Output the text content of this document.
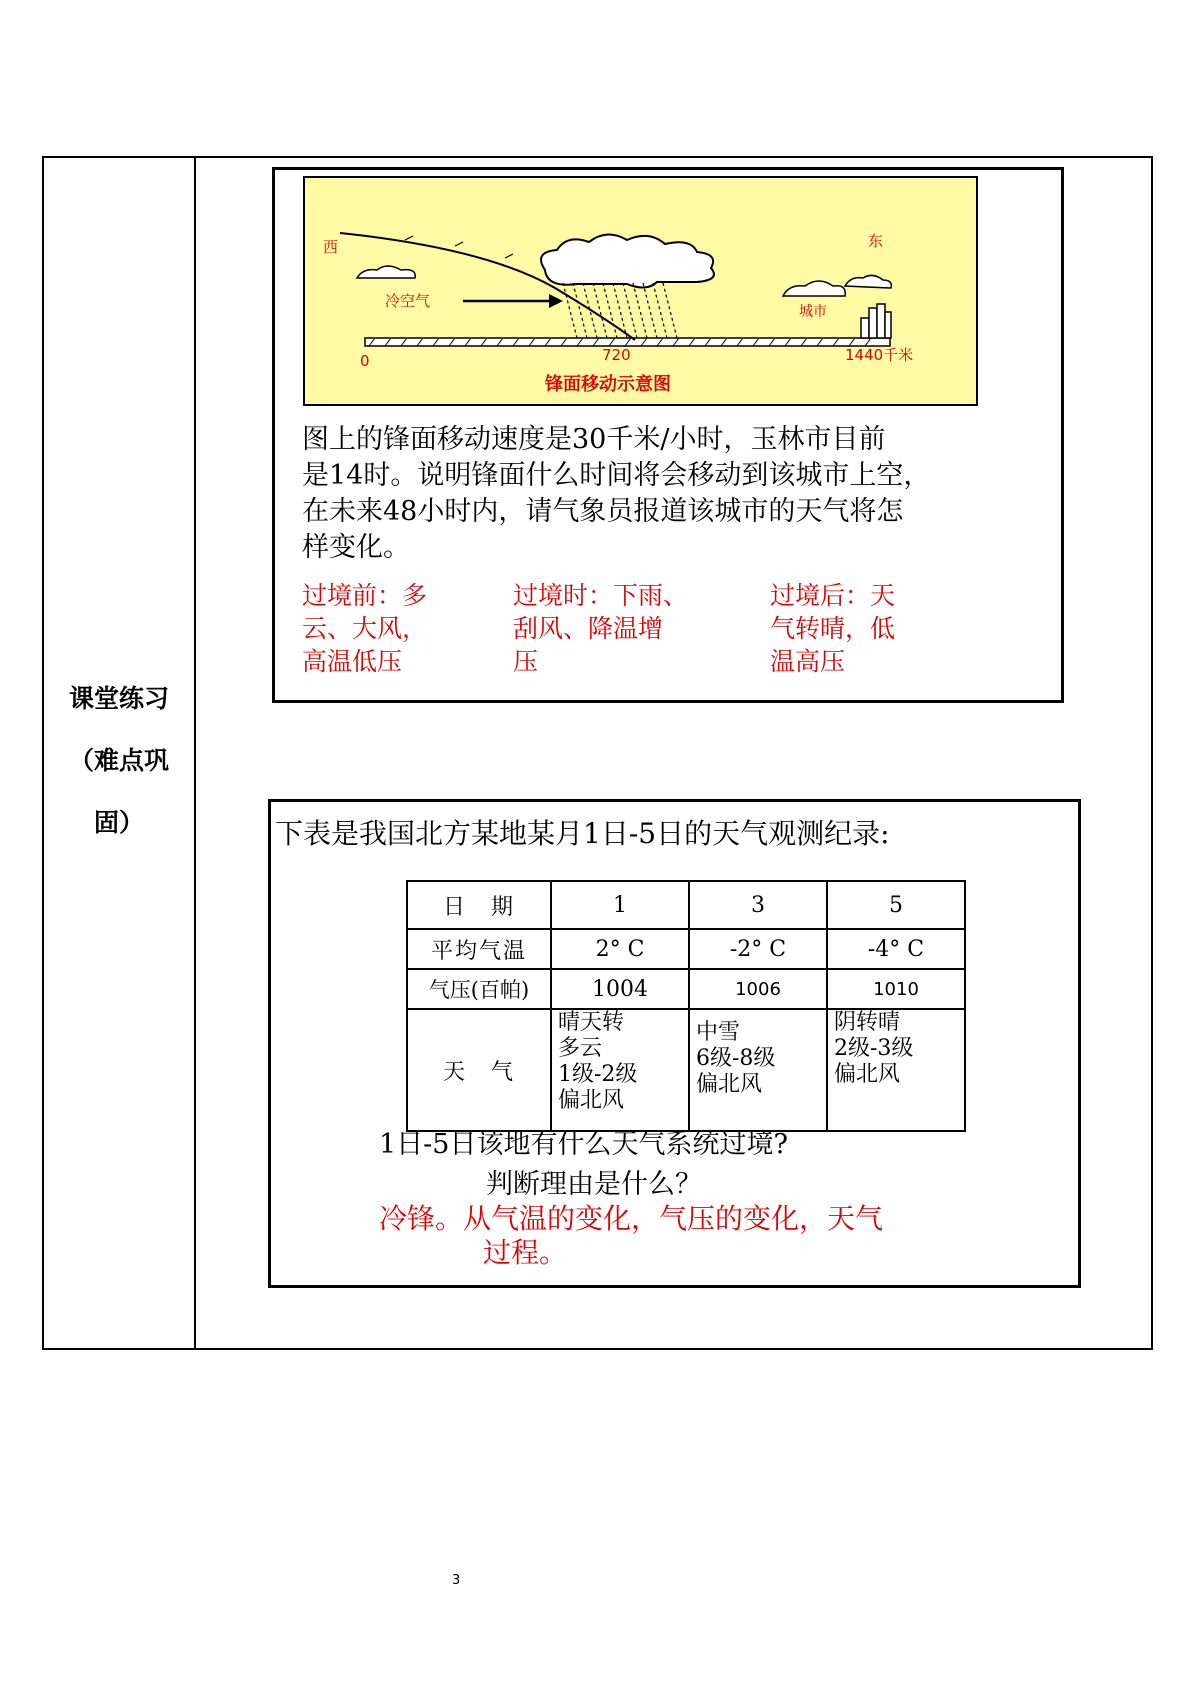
课堂练习
（难点巩
固）
西	东
冷空气
城市
0	720	1440千米
锋面移动示意图
图上的锋面移动速度是30千米/小时，玉林市目前
是14时。说明锋面什么时间将会移动到该城市上空，
在未来48小时内，请气象员报道该城市的天气将怎
样变化。
过境前：多
云、大风，
高温低压
过境时：下雨、
刮风、降温增
压
过境后：天
气转晴，低
温高压
下表是我国北方某地某月1日-5日的天气观测纪录:
日　期	1	3	5
平均气温	2° C	-2° C	-4° C
气压(百帕)	1004	1006	1010
天　气	晴天转
多云
1级-2级
偏北风	中雪
6级-8级
偏北风	阴转晴
2级-3级
偏北风
1日-5日该地有什么天气系统过境?
判断理由是什么？
冷锋。从气温的变化，气压的变化，天气
过程。
3
